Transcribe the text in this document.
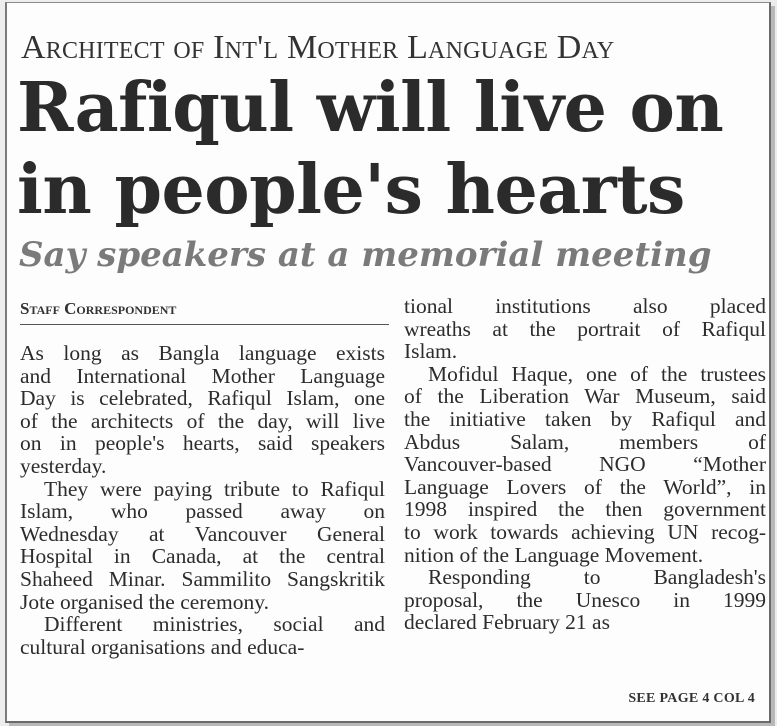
Architect of Int'l Mother Language Day
Rafiqul will live on
in people's hearts
Say speakers at a memorial meeting
Staff Correspondent

As long as Bangla language exists
and International Mother Language
Day is celebrated, Rafiqul Islam, one
of the architects of the day, will live
on in people's hearts, said speakers
yesterday.

They were paying tribute to Rafiqul
Islam, who passed away on
Wednesday at Vancouver General
Hospital in Canada, at the central
Shaheed Minar. Sammilito Sangskritik
Jote organised the ceremony.

Different ministries, social and
cultural organisations and educa-

tional institutions also placed
wreaths at the portrait of Rafiqul
Islam.

Mofidul Haque, one of the trustees
of the Liberation War Museum, said
the initiative taken by Rafiqul and
Abdus Salam, members of
Vancouver-based NGO “Mother
Language Lovers of the World”, in
1998 inspired the then government
to work towards achieving UN recog-
nition of the Language Movement.

Responding to Bangladesh's
proposal, the Unesco in 1999
declared February 21 as

SEE PAGE 4 COL 4
